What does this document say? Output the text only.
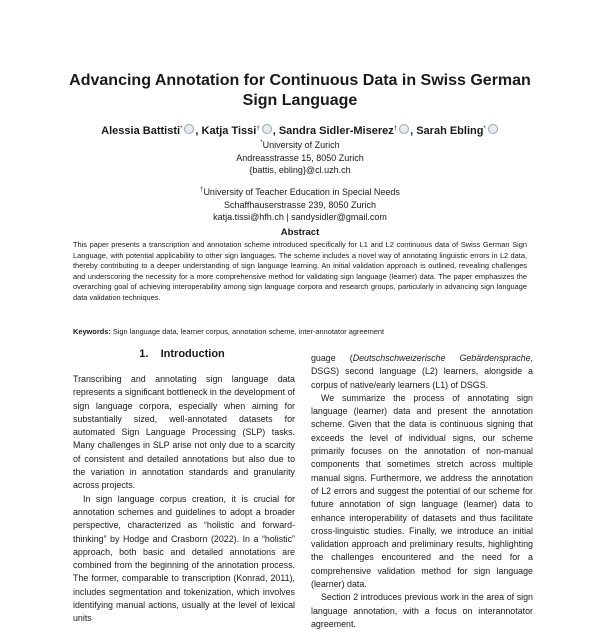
Advancing Annotation for Continuous Data in Swiss German Sign Language
Alessia Battisti* , Katja Tissi† , Sandra Sidler-Miserez† , Sarah Ebling*
*University of Zurich
Andreasstrasse 15, 8050 Zurich
{battis, ebling}@cl.uzh.ch
†University of Teacher Education in Special Needs
Schaffhauserstrasse 239, 8050 Zurich
katja.tissi@hfh.ch | sandysidler@gmail.com
Abstract
This paper presents a transcription and annotation scheme introduced specifically for L1 and L2 continuous data of Swiss German Sign Language, with potential applicability to other sign languages. The scheme includes a novel way of annotating linguistic errors in L2 data, thereby contributing to a deeper understanding of sign language learning. An initial validation approach is outlined, revealing challenges and underscoring the necessity for a more comprehensive method for validating sign language (learner) data. The paper emphasizes the overarching goal of achieving interoperability among sign language corpora and research groups, particularly in advancing sign language data validation techniques.
Keywords: Sign language data, learner corpus, annotation scheme, inter-annotator agreement
1.    Introduction

Transcribing and annotating sign language data represents a significant bottleneck in the development of sign language corpora, especially when aiming for substantially sized, well-annotated datasets for automated Sign Language Processing (SLP) tasks. Many challenges in SLP arise not only due to a scarcity of consistent and detailed annotations but also due to the variation in annotation standards and granularity across projects.

In sign language corpus creation, it is crucial for annotation schemes and guidelines to adopt a broader perspective, characterized as “holistic and forward-thinking” by Hodge and Crasborn (2022). In a “holistic” approach, both basic and detailed annotations are combined from the beginning of the annotation process. The former, comparable to transcription (Konrad, 2011), includes segmentation and tokenization, which involves identifying manual actions, usually at the level of lexical units

guage (Deutschschweizerische Gebärdensprache, DSGS) second language (L2) learners, alongside a corpus of native/early learners (L1) of DSGS.

We summarize the process of annotating sign language (learner) data and present the annotation scheme. Given that the data is continuous signing that exceeds the level of individual signs, our scheme primarily focuses on the annotation of non-manual components that sometimes stretch across multiple manual signs. Furthermore, we address the annotation of L2 errors and suggest the potential of our scheme for future annotation of sign language (learner) data to enhance interoperability of datasets and thus facilitate cross-linguistic studies. Finally, we introduce an initial validation approach and preliminary results, highlighting the challenges encountered and the need for a comprehensive validation method for sign language (learner) data.

Section 2 introduces previous work in the area of sign language annotation, with a focus on interannotator agreement.
